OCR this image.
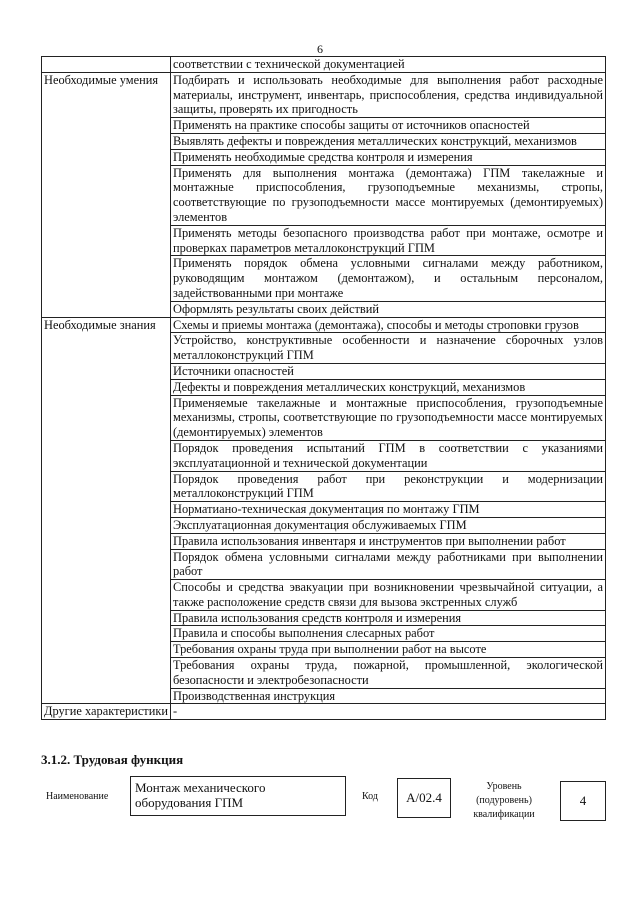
6
	соответствии с технической документацией
Необходимые умения	Подбирать и использовать необходимые для выполнения работ расходные материалы, инструмент, инвентарь, приспособления, средства индивидуальной защиты, проверять их пригодность
	Применять на практике способы защиты от источников опасностей
	Выявлять дефекты и повреждения металлических конструкций, механизмов
	Применять необходимые средства контроля и измерения
	Применять для выполнения монтажа (демонтажа) ГПМ такелажные и монтажные приспособления, грузоподъемные механизмы, стропы, соответствующие по грузоподъемности массе монтируемых (демонтируемых) элементов
	Применять методы безопасного производства работ при монтаже, осмотре и проверках параметров металлоконструкций ГПМ
	Применять порядок обмена условными сигналами между работником, руководящим монтажом (демонтажом), и остальным персоналом, задействованными при монтаже
	Оформлять результаты своих действий
Необходимые знания	Схемы и приемы монтажа (демонтажа), способы и методы строповки грузов
	Устройство, конструктивные особенности и назначение сборочных узлов металлоконструкций ГПМ
	Источники опасностей
	Дефекты и повреждения металлических конструкций, механизмов
	Применяемые такелажные и монтажные приспособления, грузоподъемные механизмы, стропы, соответствующие по грузоподъемности массе монтируемых (демонтируемых) элементов
	Порядок проведения испытаний ГПМ в соответствии с указаниями эксплуатационной и технической документации
	Порядок проведения работ при реконструкции и модернизации металлоконструкций ГПМ
	Норматиано-техническая документация по монтажу ГПМ
	Эксплуатационная документация обслуживаемых ГПМ
	Правила использования инвентаря и инструментов при выполнении работ
	Порядок обмена условными сигналами между работниками при выполнении работ
	Способы и средства эвакуации при возникновении чрезвычайной ситуации, а также расположение средств связи для вызова экстренных служб
	Правила использования средств контроля и измерения
	Правила и способы выполнения слесарных работ
	Требования охраны труда при выполнении работ на высоте
	Требования охраны труда, пожарной, промышленной, экологической безопасности и электробезопасности
	Производственная инструкция
Другие характеристики	-
3.1.2. Трудовая функция
Наименование
Монтаж механического оборудования ГПМ	Код	A/02.4
Уровень
(подуровень)
квалификации
4
